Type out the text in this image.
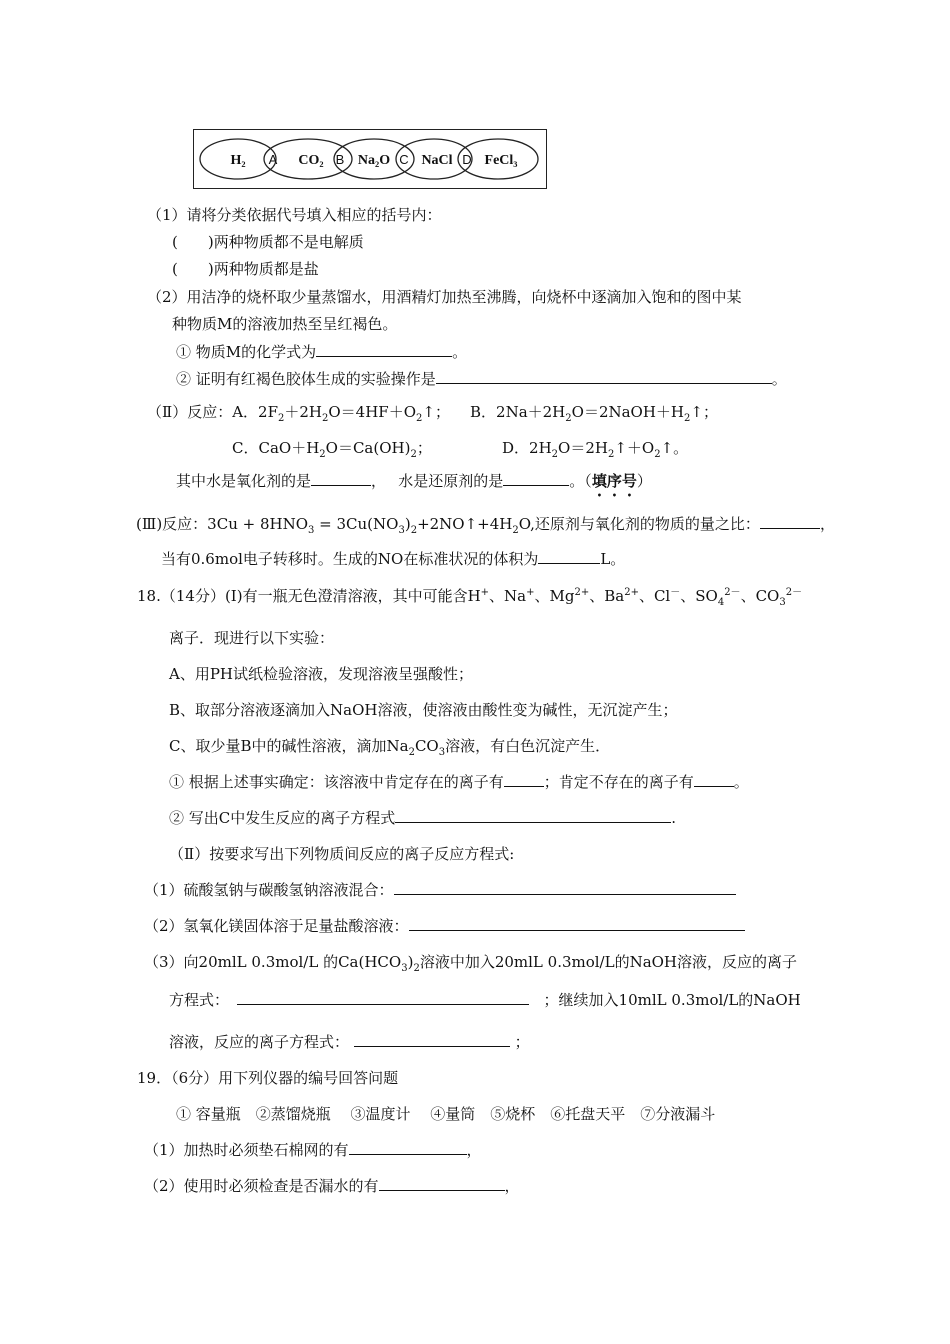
H₂	CO₂ Na₂O NaCl FeCl₃
A	B	C	D
（1）请将分类依据代号填入相应的括号内：
(　　)两种物质都不是电解质
(　　)两种物质都是盐
（2）用洁净的烧杯取少量蒸馏水，用酒精灯加热至沸腾，向烧杯中逐滴加入饱和的图中某
种物质M的溶液加热至呈红褐色。
① 物质M的化学式为	。
② 证明有红褐色胶体生成的实验操作是	。
（Ⅱ）反应：A．$2F_2+2H_2O=4HF+O_2↑$； B．$2Na+2H_2O=2NaOH+H_2↑$；
C．$CaO+H_2O=Ca(OH)_2$；	D．$2H_2O=2H_2↑+O_2↑$。
其中水是氧化剂的是	，　 水是还原剂的是	。（填序号）
(Ⅲ)反应：$3Cu + 8HNO_3$ = $3Cu(NO_3)_2+2NO↑+4H_2O$,还原剂与氧化剂的物质的量之比：	，
当有0.6mol电子转移时。生成的NO在标准状况的体积为	L。
18.（14分）(Ⅰ)有一瓶无色澄清溶液，其中可能含H+、Na+、$Mg^{2+}$、$Ba^{2+}$、Cl－、$SO_4^{2-}$、$CO_3^{2-}$
离子．现进行以下实验：
A、用PH试纸检验溶液，发现溶液呈强酸性；
B、取部分溶液逐滴加入NaOH溶液，使溶液由酸性变为碱性，无沉淀产生；
C、取少量B中的碱性溶液，滴加$Na_2CO_3$溶液，有白色沉淀产生．
① 根据上述事实确定：该溶液中肯定存在的离子有	；肯定不存在的离子有	。
② 写出C中发生反应的离子方程式	.
（Ⅱ）按要求写出下列物质间反应的离子反应方程式:
（1）硫酸氢钠与碳酸氢钠溶液混合：
（2）氢氧化镁固体溶于足量盐酸溶液：
（3）向20mlL 0.3mol/L 的$Ca(HCO_3)_2$溶液中加入20mlL 0.3mol/L的NaOH溶液，反应的离子
方程式：　　	；继续加入10mlL 0.3mol/L的NaOH
溶液，反应的离子方程式：	；
19．（6分）用下列仪器的编号回答问题
① 容量瓶　②蒸馏烧瓶　 ③温度计　 ④量筒　⑤烧杯　⑥托盘天平　⑦分液漏斗
（1）加热时必须垫石棉网的有	，
（2）使用时必须检查是否漏水的有	，
